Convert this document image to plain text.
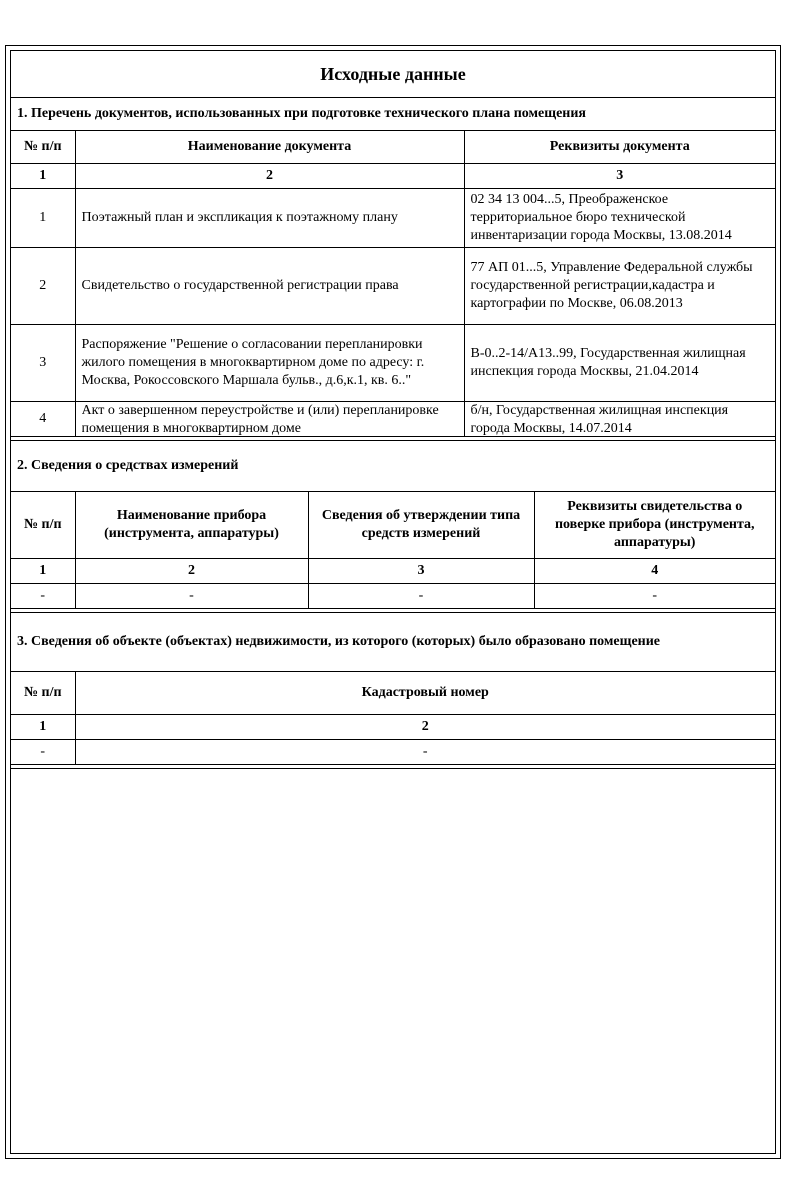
Исходные данные		
1. Перечень документов, использованных при подготовке технического плана помещения		
№ п/п	Наименование документа	Реквизиты документа
1	2	3
1	Поэтажный план и экспликация к поэтажному плану	02 34 13 004...5, Преображенское территориальное бюро технической инвентаризации города Москвы, 13.08.2014
2	Свидетельство о государственной регистрации права	77 АП 01...5, Управление Федеральной службы государственной регистрации,кадастра и картографии по Москве, 06.08.2013
3	Распоряжение "Решение о согласовании перепланировки жилого помещения в многоквартирном доме по адресу: г. Москва, Рокоссовского Маршала бульв., д.6,к.1, кв. 6.."	В-0..2-14/А13..99, Государственная жилищная инспекция города Москвы, 21.04.2014
4	Акт о завершенном переустройстве и (или) перепланировке помещения в многоквартирном доме	б/н, Государственная жилищная инспекция города Москвы, 14.07.2014
2. Сведения о средствах измерений			
№ п/п	Наименование прибора (инструмента, аппаратуры)	Сведения об утверждении типа средств измерений	Реквизиты свидетельства о поверке прибора (инструмента, аппаратуры)
1	2	3	4
-	-	-	-
3. Сведения об объекте (объектах) недвижимости, из которого (которых) было образовано помещение	
№ п/п	Кадастровый номер
1	2
-	-
